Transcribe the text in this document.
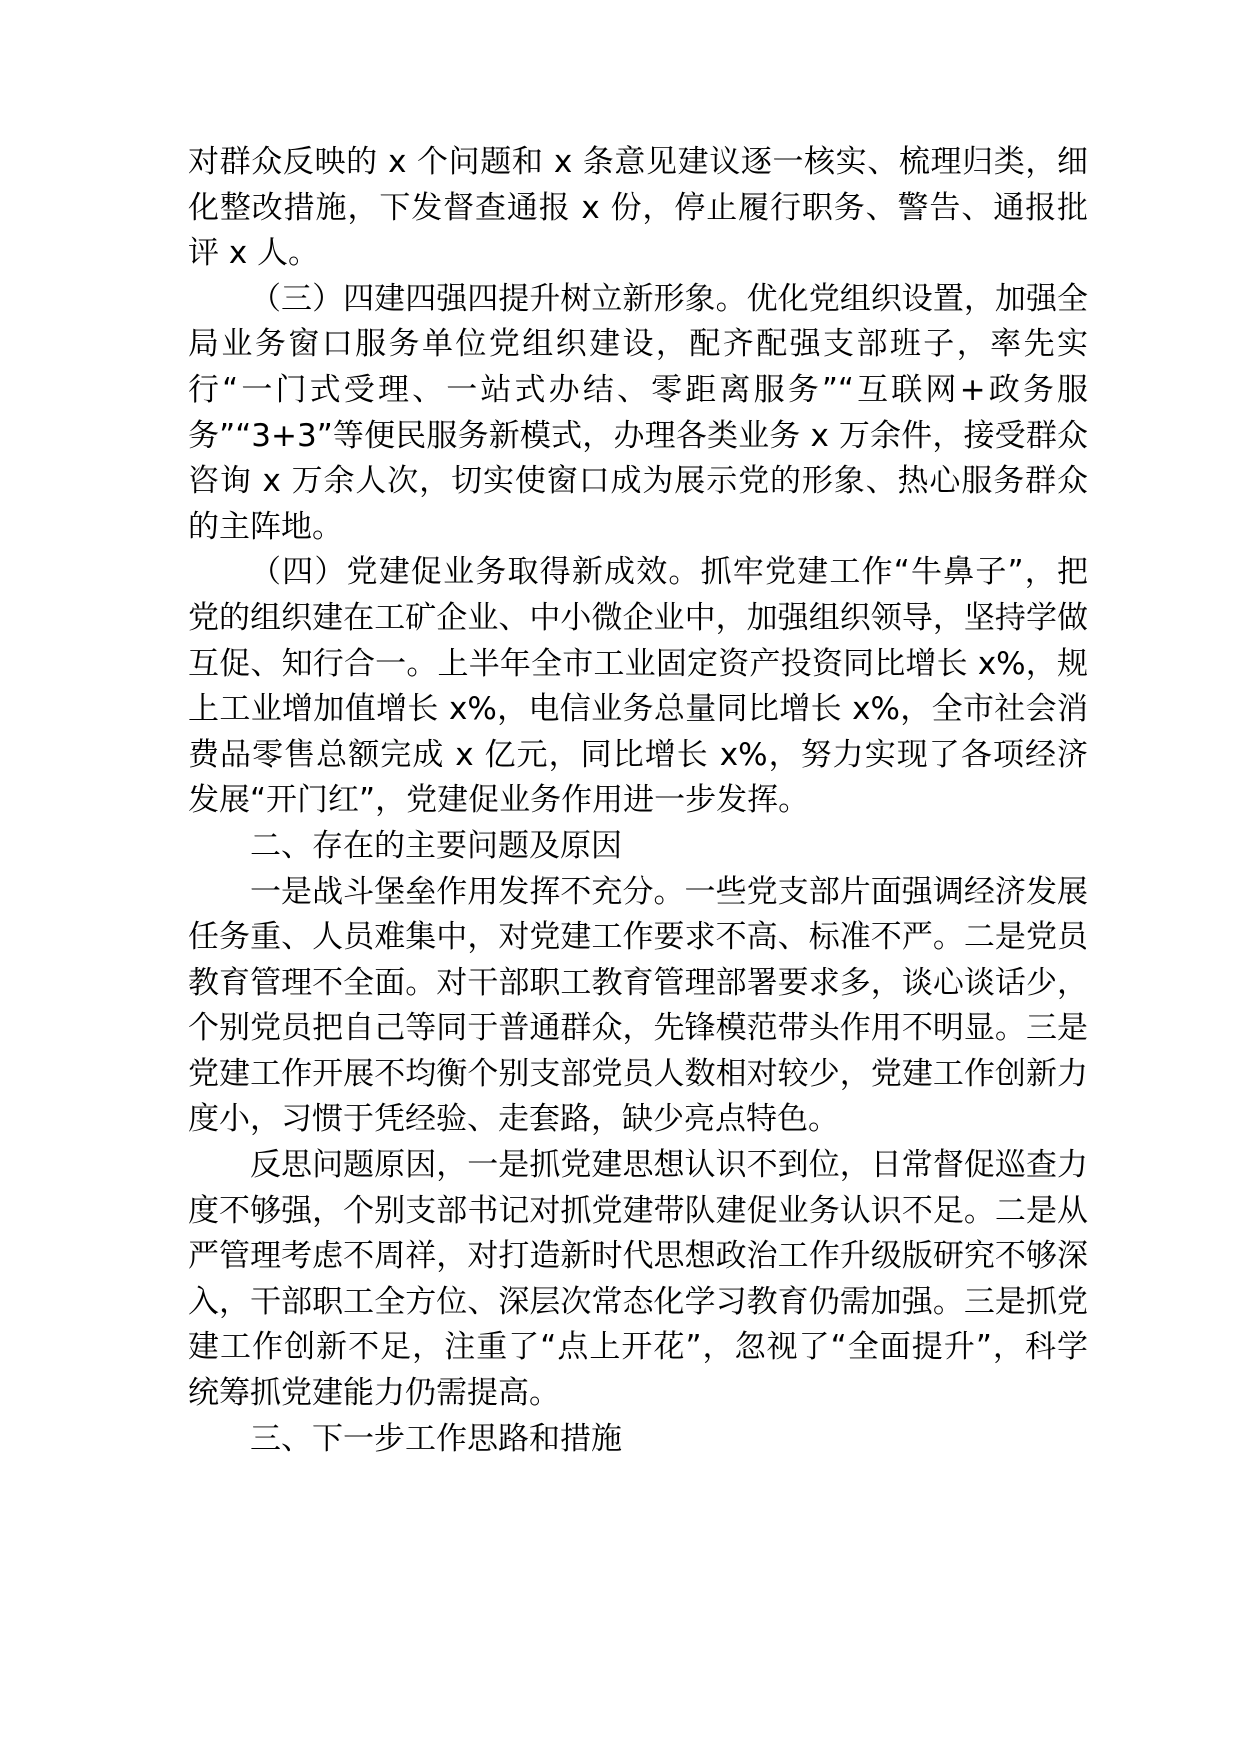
对群众反映的 x 个问题和 x 条意见建议逐一核实、梳理归类，细化整改措施，下发督查通报 x 份，停止履行职务、警告、通报批评 x 人。

（三）四建四强四提升树立新形象。优化党组织设置，加强全局业务窗口服务单位党组织建设，配齐配强支部班子，率先实行“一门式受理、一站式办结、零距离服务”“互联网+政务服务”“3+3”等便民服务新模式，办理各类业务 x 万余件，接受群众咨询 x 万余人次，切实使窗口成为展示党的形象、热心服务群众的主阵地。

（四）党建促业务取得新成效。抓牢党建工作“牛鼻子”，把党的组织建在工矿企业、中小微企业中，加强组织领导，坚持学做互促、知行合一。上半年全市工业固定资产投资同比增长 x%，规上工业增加值增长 x%，电信业务总量同比增长 x%，全市社会消费品零售总额完成 x 亿元，同比增长 x%，努力实现了各项经济发展“开门红”，党建促业务作用进一步发挥。

二、存在的主要问题及原因

一是战斗堡垒作用发挥不充分。一些党支部片面强调经济发展任务重、人员难集中，对党建工作要求不高、标准不严。二是党员教育管理不全面。对干部职工教育管理部署要求多，谈心谈话少，个别党员把自己等同于普通群众，先锋模范带头作用不明显。三是党建工作开展不均衡个别支部党员人数相对较少，党建工作创新力度小，习惯于凭经验、走套路，缺少亮点特色。

反思问题原因，一是抓党建思想认识不到位，日常督促巡查力度不够强，个别支部书记对抓党建带队建促业务认识不足。二是从严管理考虑不周祥，对打造新时代思想政治工作升级版研究不够深入，干部职工全方位、深层次常态化学习教育仍需加强。三是抓党建工作创新不足，注重了“点上开花”，忽视了“全面提升”，科学统筹抓党建能力仍需提高。

三、下一步工作思路和措施
